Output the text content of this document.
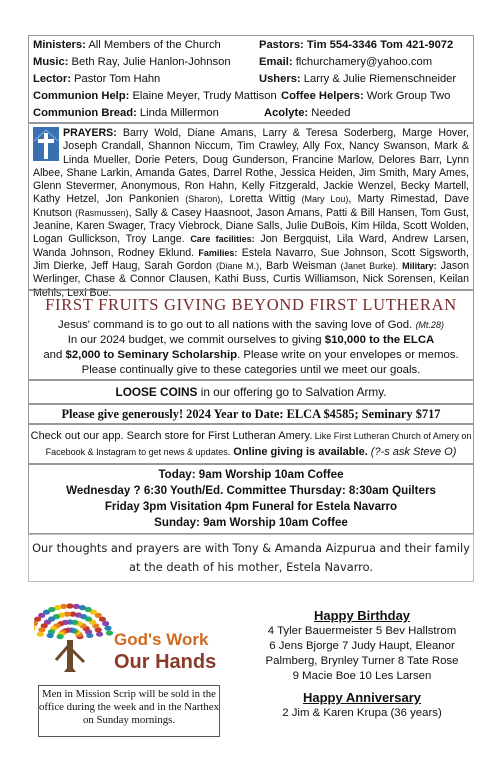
Ministers: All Members of the Church	Pastors: Tim 554-3346 Tom 421-9072
Music: Beth Ray, Julie Hanlon-Johnson	Email: flchurchamery@yahoo.com
Lector: Pastor Tom Hahn	Ushers: Larry & Julie Riemenschneider
Communion Help: Elaine Meyer, Trudy Mattison Coffee Helpers: Work Group Two
Communion Bread: Linda Millermon	Acolyte: Needed
PRAYERS: Barry Wold, Diane Amans, Larry & Teresa Soderberg, Marge Hover, Joseph Crandall, Shannon Niccum, Tim Crawley, Ally Fox, Nancy Swanson, Mark & Linda Mueller, Dorie Peters, Doug Gunderson, Francine Marlow, Delores Barr, Lynn Albee, Shane Larkin, Amanda Gates, Darrel Rothe, Jessica Heiden, Jim Smith, Mary Ames, Glenn Stevermer, Anonymous, Ron Hahn, Kelly Fitzgerald, Jackie Wenzel, Becky Martell, Kathy Hetzel, Jon Pankonien (Sharon), Loretta Wittig (Mary Lou), Marty Rimestad, Dave Knutson (Rasmussen), Sally & Casey Haasnoot, Jason Amans, Patti & Bill Hansen, Tom Gust, Jeanine, Karen Swager, Tracy Viebrock, Diane Salls, Julie DuBois, Kim Hilda, Scott Wolden, Logan Gullickson, Troy Lange. Care facilities: Jon Bergquist, Lila Ward, Andrew Larsen, Wanda Johnson, Rodney Eklund. Families: Estela Navarro, Sue Johnson, Scott Sigsworth, Jim Dierke, Jeff Haug, Sarah Gordon (Diane M.), Barb Weisman (Janet Burke). Military: Jason Werlinger, Chase & Connor Clausen, Kathi Buss, Curtis Williamson, Nick Sorensen, Keilan Mehls, Lexi Boe.
FIRST FRUITS GIVING BEYOND FIRST LUTHERAN
Jesus' command is to go out to all nations with the saving love of God. (Mt.28)
In our 2024 budget, we commit ourselves to giving $10,000 to the ELCA
and $2,000 to Seminary Scholarship. Please write on your envelopes or memos.
Please continually give to these categories until we meet our goals.
LOOSE COINS in our offering go to Salvation Army.
Please give generously! 2024 Year to Date: ELCA $4585; Seminary $717
Check out our app. Search store for First Lutheran Amery. Like First Lutheran Church of Amery on Facebook & Instagram to get news & updates. Online giving is available. (?-s ask Steve O)
Today: 9am Worship 10am Coffee
Wednesday ? 6:30 Youth/Ed. Committee Thursday: 8:30am Quilters
Friday 3pm Visitation 4pm Funeral for Estela Navarro
Sunday: 9am Worship 10am Coffee
Our thoughts and prayers are with Tony & Amanda Aizpurua and their family
at the death of his mother, Estela Navarro.
God's Work
Our Hands
Men in Mission Scrip will be sold in the office during the week and in the Narthex on Sunday mornings.
Happy Birthday
4 Tyler Bauermeister 5 Bev Hallstrom
6 Jens Bjorge 7 Judy Haupt, Eleanor
Palmberg, Brynley Turner 8 Tate Rose
9 Macie Boe 10 Les Larsen
Happy Anniversary
2 Jim & Karen Krupa (36 years)
